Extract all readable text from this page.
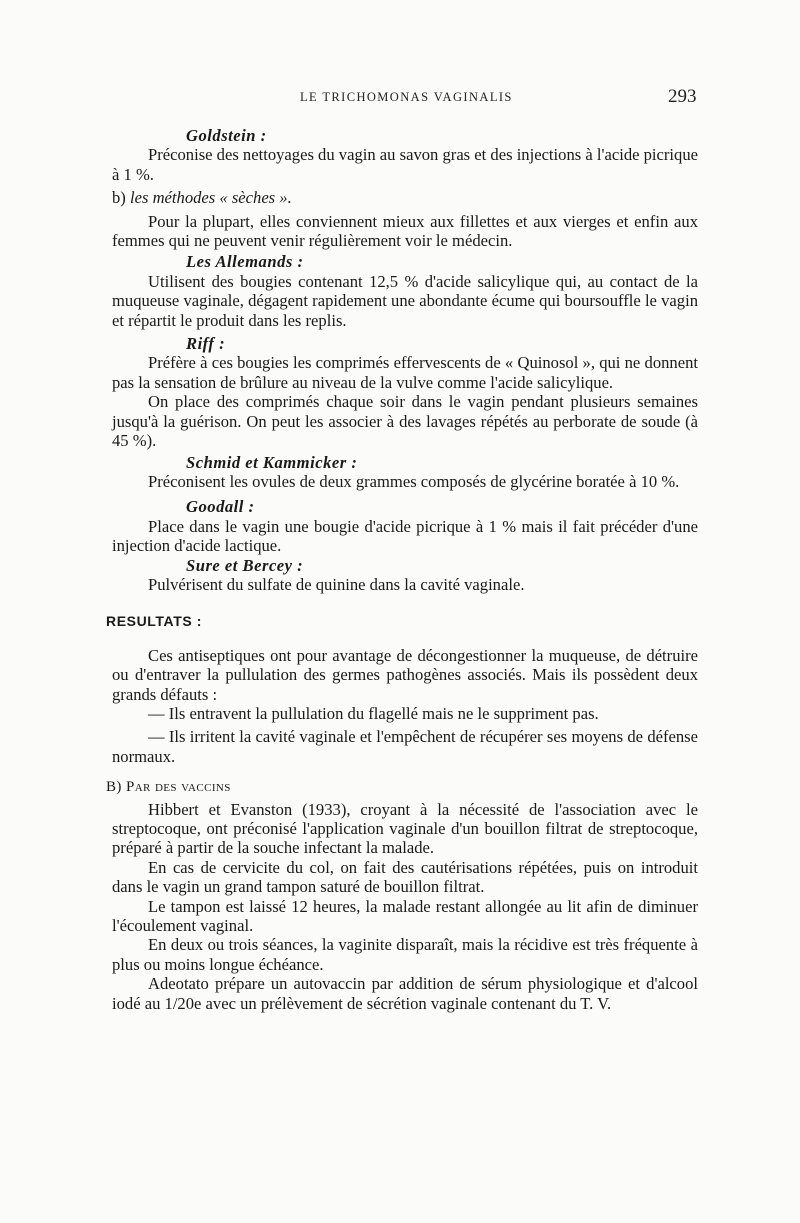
LE TRICHOMONAS VAGINALIS	293

Goldstein :

Préconise des nettoyages du vagin au savon gras et des injections à l'acide picrique à 1 %.

b) les méthodes « sèches ».

Pour la plupart, elles conviennent mieux aux fillettes et aux vierges et enfin aux femmes qui ne peuvent venir régulièrement voir le médecin.

Les Allemands :

Utilisent des bougies contenant 12,5 % d'acide salicylique qui, au contact de la muqueuse vaginale, dégagent rapidement une abondante écume qui boursouffle le vagin et répartit le produit dans les replis.

Riff :

Préfère à ces bougies les comprimés effervescents de « Quinosol », qui ne donnent pas la sensation de brûlure au niveau de la vulve comme l'acide salicylique.

On place des comprimés chaque soir dans le vagin pendant plusieurs semaines jusqu'à la guérison. On peut les associer à des lavages répétés au perborate de soude (à 45 %).

Schmid et Kammicker :

Préconisent les ovules de deux grammes composés de glycérine boratée à 10 %.

Goodall :

Place dans le vagin une bougie d'acide picrique à 1 % mais il fait précéder d'une injection d'acide lactique.

Sure et Bercey :

Pulvérisent du sulfate de quinine dans la cavité vaginale.

RESULTATS :

Ces antiseptiques ont pour avantage de décongestionner la muqueuse, de détruire ou d'entraver la pullulation des germes pathogènes associés. Mais ils possèdent deux grands défauts :

— Ils entravent la pullulation du flagellé mais ne le suppriment pas.

— Ils irritent la cavité vaginale et l'empêchent de récupérer ses moyens de défense normaux.

B) Par des vaccins

Hibbert et Evanston (1933), croyant à la nécessité de l'association avec le streptocoque, ont préconisé l'application vaginale d'un bouillon filtrat de streptocoque, préparé à partir de la souche infectant la malade.

En cas de cervicite du col, on fait des cautérisations répétées, puis on introduit dans le vagin un grand tampon saturé de bouillon filtrat.

Le tampon est laissé 12 heures, la malade restant allongée au lit afin de diminuer l'écoulement vaginal.

En deux ou trois séances, la vaginite disparaît, mais la récidive est très fréquente à plus ou moins longue échéance.

Adeotato prépare un autovaccin par addition de sérum physiologique et d'alcool iodé au 1/20e avec un prélèvement de sécrétion vaginale contenant du T. V.
